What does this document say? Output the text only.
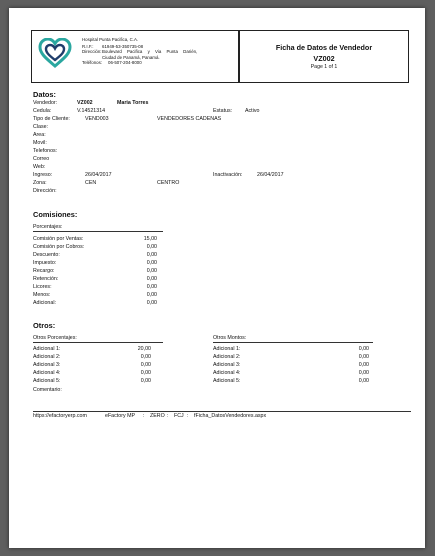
Hospital Punta Pacifica, C.A.
R.I.F.:	61949-53-350735-08
Dirección: Boulevard Pacifica y Via Punta Darién,
Ciudad de Panamá, Panamá.
Teléfonos:	06-507-204-8000
Ficha de Datos de Vendedor
VZ002
Page 1 of 1
Datos:
Vendedor:	VZ002	Maria Torres
Cedula:	V.14521314	Estatus: Activo
Tipo de Cliente:	VEND003	VENDEDORES CADENAS
Clase:
Area:
Movil:
Telefonos:
Correo
Web:
Ingreso:	26/04/2017	Inactivación:	26/04/2017
Zona:	CEN	CENTRO
Dirección:
Comisiones:
Porcentajes:
Comisión por Ventas:	15,00
Comisión por Cobros:	0,00
Descuento:	0,00
Impuesto:	0,00
Recargo:	0,00
Retención:	0,00
Licores:	0,00
Menos:	0,00
Adicional:	0,00
Otros:
Otros Porcentajes:	Otros Montos:
Adicional 1:	20,00
Adicional 2:	0,00
Adicional 3:	0,00
Adicional 4:	0,00
Adicional 5:	0,00
Adicional 1:	0,00
Adicional 2:	0,00
Adicional 3:	0,00
Adicional 4:	0,00
Adicional 5:	0,00
Comentario:
https://efactoryerp.com	eFactory MP : ZERO : FCJ : fFicha_DatosVendedores.aspx
